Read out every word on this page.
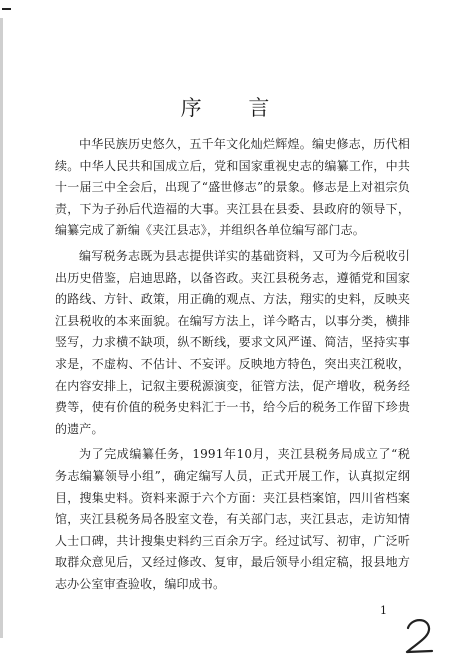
序 言

中华民族历史悠久，五千年文化灿烂辉煌。编史修志，历代相续。中华人民共和国成立后，党和国家重视史志的编纂工作，中共十一届三中全会后，出现了“盛世修志”的景象。修志是上对祖宗负责，下为子孙后代造福的大事。夹江县在县委、县政府的领导下，编纂完成了新编《夹江县志》，并组织各单位编写部门志。

编写税务志既为县志提供详实的基础资料，又可为今后税收引出历史借鉴，启迪思路，以备咨政。夹江县税务志，遵循党和国家的路线、方针、政策，用正确的观点、方法，翔实的史料，反映夹江县税收的本来面貌。在编写方法上，详今略古，以事分类，横排竖写，力求横不缺项，纵不断线，要求文风严谨、简洁，坚持实事求是，不虚构、不估计、不妄评。反映地方特色，突出夹江税收，在内容安排上，记叙主要税源演变，征管方法，促产增收，税务经费等，使有价值的税务史料汇于一书，给今后的税务工作留下珍贵的遗产。

为了完成编纂任务，1991年10月，夹江县税务局成立了“税务志编纂领导小组”，确定编写人员，正式开展工作，认真拟定纲目，搜集史料。资料来源于六个方面：夹江县档案馆，四川省档案馆，夹江县税务局各股室文卷，有关部门志，夹江县志，走访知情人士口碑，共计搜集史料约三百余万字。经过试写、初审，广泛听取群众意见后，又经过修改、复审，最后领导小组定稿，报县地方志办公室审查验收，编印成书。

1
